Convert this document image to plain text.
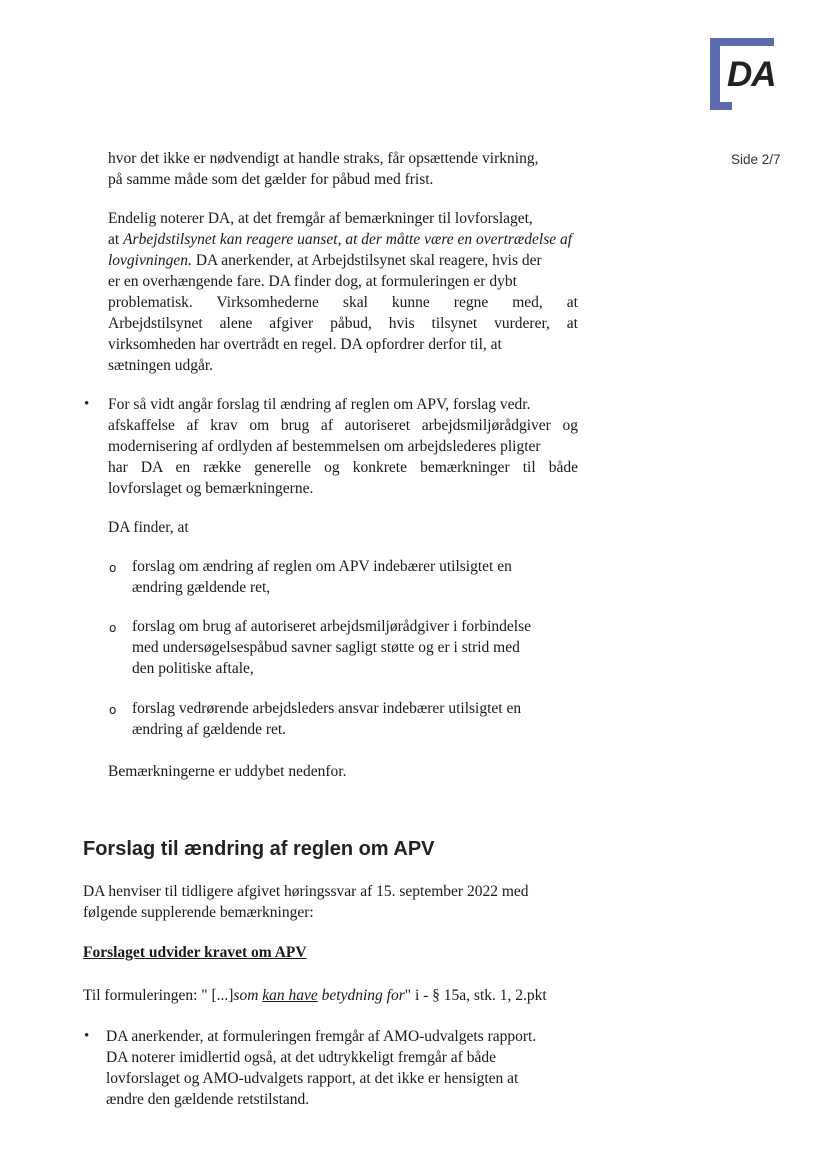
DA
Side 2/7
hvor det ikke er nødvendigt at handle straks, får opsættende virkning,
på samme måde som det gælder for påbud med frist.
Endelig noterer DA, at det fremgår af bemærkninger til lovforslaget,
at Arbejdstilsynet kan reagere uanset, at der måtte være en overtrædelse af
lovgivningen. DA anerkender, at Arbejdstilsynet skal reagere, hvis der
er en overhængende fare. DA finder dog, at formuleringen er dybt
problematisk. Virksomhederne skal kunne regne med, at
Arbejdstilsynet alene afgiver påbud, hvis tilsynet vurderer, at
virksomheden har overtrådt en regel. DA opfordrer derfor til, at
sætningen udgår.
• For så vidt angår forslag til ændring af reglen om APV, forslag vedr.
afskaffelse af krav om brug af autoriseret arbejdsmiljørådgiver og
modernisering af ordlyden af bestemmelsen om arbejdslederes pligter
har DA en række generelle og konkrete bemærkninger til både
lovforslaget og bemærkningerne.
DA finder, at
o forslag om ændring af reglen om APV indebærer utilsigtet en
ændring gældende ret,
o forslag om brug af autoriseret arbejdsmiljørådgiver i forbindelse
med undersøgelsespåbud savner sagligt støtte og er i strid med
den politiske aftale,
o forslag vedrørende arbejdsleders ansvar indebærer utilsigtet en
ændring af gældende ret.
Bemærkningerne er uddybet nedenfor.
Forslag til ændring af reglen om APV
DA henviser til tidligere afgivet høringssvar af 15. september 2022 med
følgende supplerende bemærkninger:
Forslaget udvider kravet om APV
Til formuleringen: " [...]som kan have betydning for" i - § 15a, stk. 1, 2.pkt
• DA anerkender, at formuleringen fremgår af AMO-udvalgets rapport.
DA noterer imidlertid også, at det udtrykkeligt fremgår af både
lovforslaget og AMO-udvalgets rapport, at det ikke er hensigten at
ændre den gældende retstilstand.
